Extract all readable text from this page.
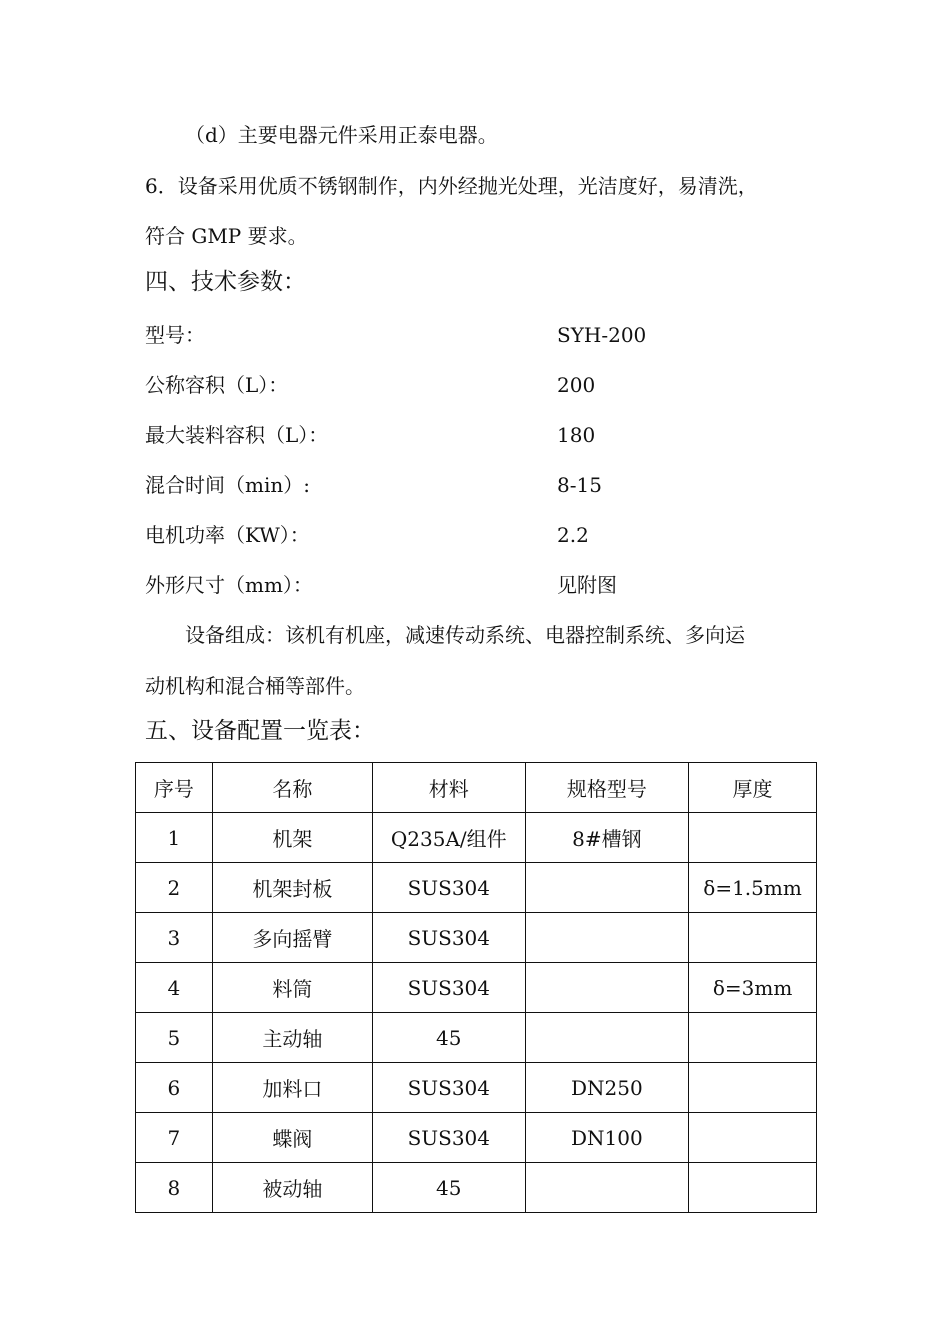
（d）主要电器元件采用正泰电器。
6．设备采用优质不锈钢制作，内外经抛光处理，光洁度好，易清洗，
符合 GMP 要求。
四、技术参数：
型号：	SYH-200
公称容积（L）：	200
最大装料容积（L）：	180
混合时间（min）:	8-15
电机功率（KW）：	2.2
外形尺寸（mm）：	见附图
设备组成：该机有机座，减速传动系统、电器控制系统、多向运
动机构和混合桶等部件。
五、设备配置一览表：
序号	名称	材料	规格型号	厚度
1	机架	Q235A/组件	8#槽钢	
2	机架封板	SUS304		δ=1.5mm
3	多向摇臂	SUS304		
4	料筒	SUS304		δ=3mm
5	主动轴	45		
6	加料口	SUS304	DN250	
7	蝶阀	SUS304	DN100	
8	被动轴	45		
